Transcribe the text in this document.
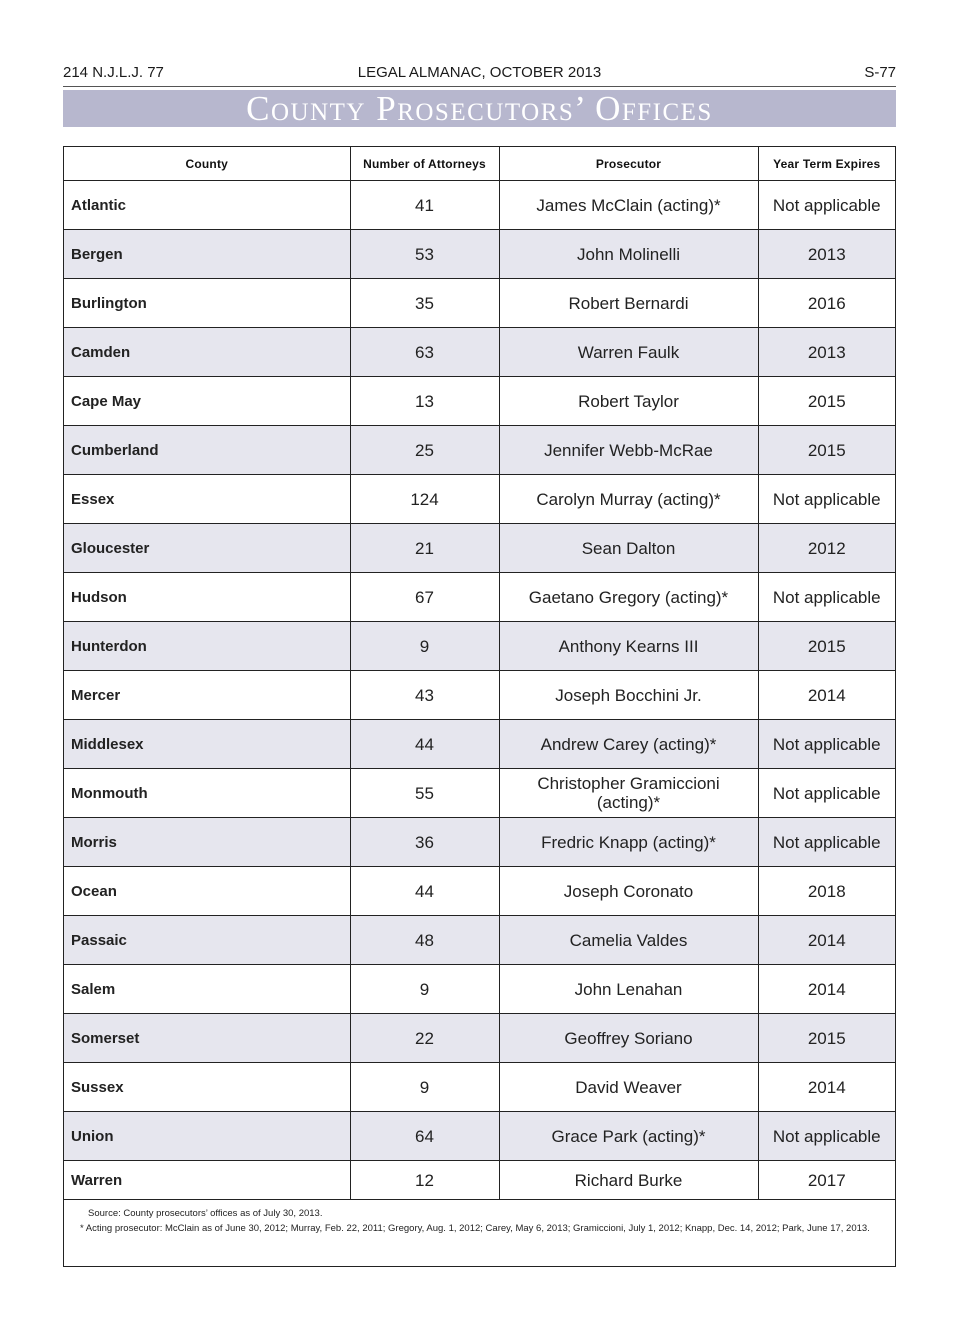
214 N.J.L.J. 77	LEGAL ALMANAC, OCTOBER 2013	S-77
County Prosecutors’ Offices
County	Number of Attorneys	Prosecutor	Year Term Expires
Atlantic	41	James McClain (acting)*	Not applicable
Bergen	53	John Molinelli	2013
Burlington	35	Robert Bernardi	2016
Camden	63	Warren Faulk	2013
Cape May	13	Robert Taylor	2015
Cumberland	25	Jennifer Webb-McRae	2015
Essex	124	Carolyn Murray (acting)*	Not applicable
Gloucester	21	Sean Dalton	2012
Hudson	67	Gaetano Gregory (acting)*	Not applicable
Hunterdon	9	Anthony Kearns III	2015
Mercer	43	Joseph Bocchini Jr.	2014
Middlesex	44	Andrew Carey (acting)*	Not applicable
Monmouth	55	Christopher Gramiccioni (acting)*	Not applicable
Morris	36	Fredric Knapp (acting)*	Not applicable
Ocean	44	Joseph Coronato	2018
Passaic	48	Camelia Valdes	2014
Salem	9	John Lenahan	2014
Somerset	22	Geoffrey Soriano	2015
Sussex	9	David Weaver	2014
Union	64	Grace Park (acting)*	Not applicable
Warren	12	Richard Burke	2017

Source: County prosecutors’ offices as of July 30, 2013.

* Acting prosecutor: McClain as of June 30, 2012; Murray, Feb. 22, 2011; Gregory, Aug. 1, 2012; Carey, May 6, 2013; Gramiccioni, July 1, 2012; Knapp, Dec. 14, 2012; Park, June 17, 2013.
